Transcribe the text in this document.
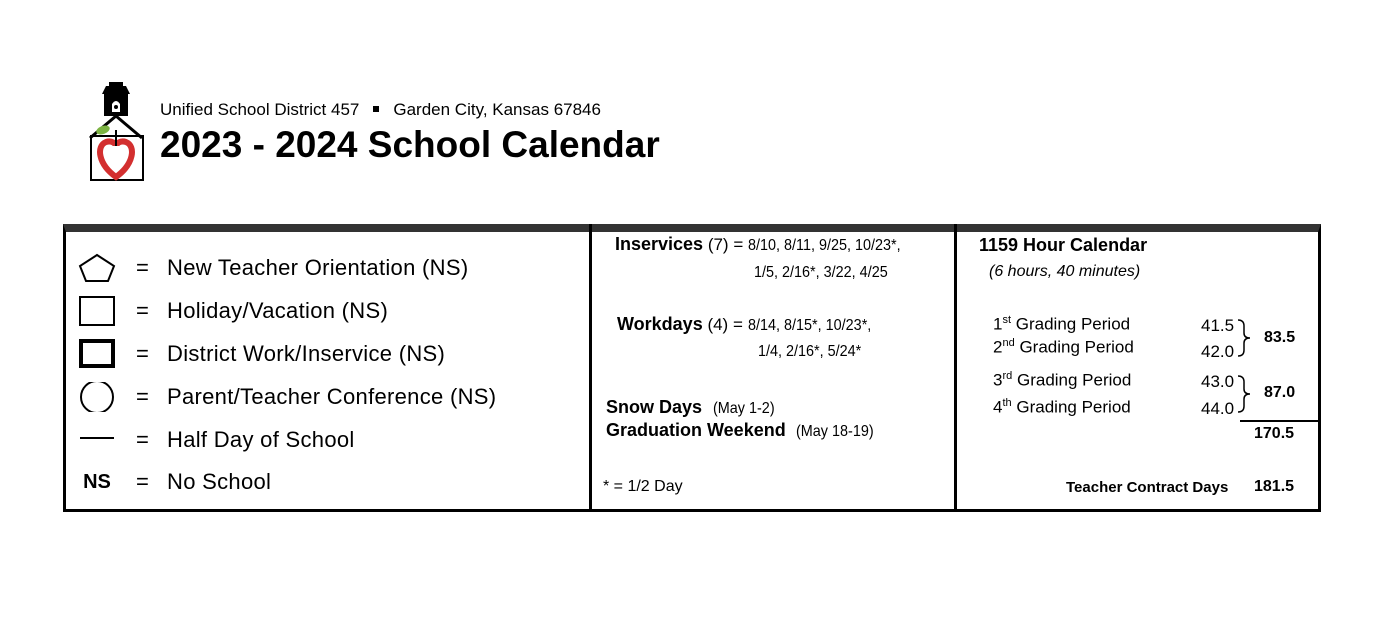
Unified School District 457 Garden City, Kansas 67846
2023 - 2024 School Calendar
= New Teacher Orientation (NS)
= Holiday/Vacation (NS)
= District Work/Inservice (NS)
= Parent/Teacher Conference (NS)
= Half Day of School
NS = No School
Inservices (7) = 8/10, 8/11, 9/25, 10/23*,
1/5, 2/16*, 3/22, 4/25
Workdays (4) = 8/14, 8/15*, 10/23*,
1/4, 2/16*, 5/24*
Snow Days (May 1-2)
Graduation Weekend (May 18-19)
* = 1/2 Day
1159 Hour Calendar
(6 hours, 40 minutes)
1st Grading Period	41.5
2nd Grading Period	42.0
3rd Grading Period	43.0
4th Grading Period	44.0
83.5
87.0
170.5
Teacher Contract Days 181.5
